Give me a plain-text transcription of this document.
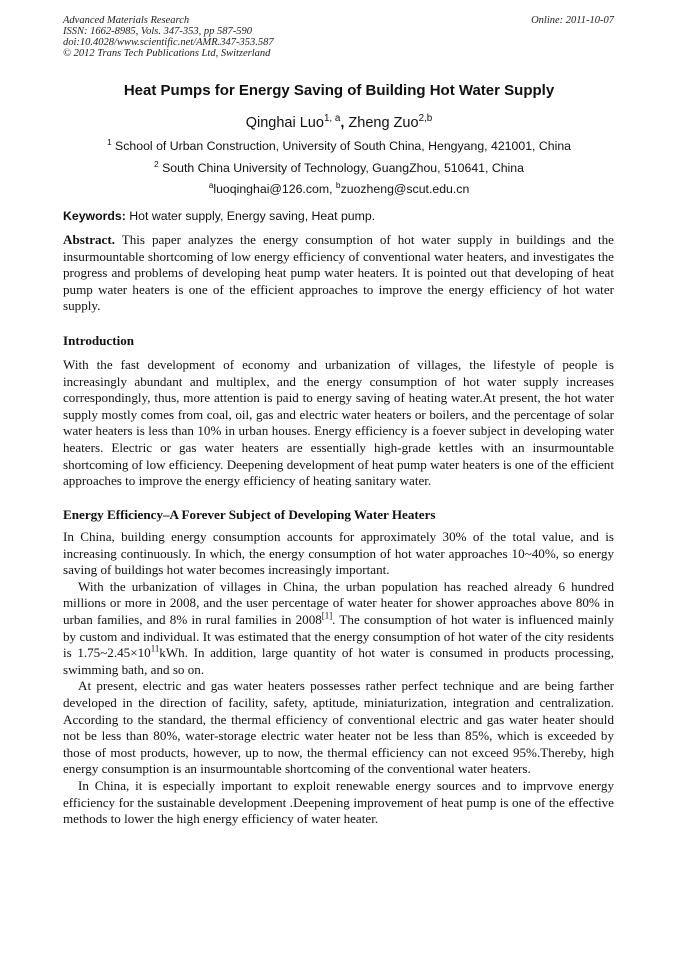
Advanced Materials Research
ISSN: 1662-8985, Vols. 347-353, pp 587-590
doi:10.4028/www.scientific.net/AMR.347-353.587
© 2012 Trans Tech Publications Ltd, Switzerland
Online: 2011-10-07
Heat Pumps for Energy Saving of Building Hot Water Supply
Qinghai Luo$^{1, a}$, Zheng Zuo$^{2,b}$
$^1$ School of Urban Construction, University of South China, Hengyang, 421001, China
$^2$ South China University of Technology, GuangZhou, 510641, China
$^a$luoqinghai@126.com, $^b$zuozheng@scut.edu.cn
Keywords: Hot water supply, Energy saving, Heat pump.

Abstract. This paper analyzes the energy consumption of hot water supply in buildings and the insurmountable shortcoming of low energy efficiency of conventional water heaters, and investigates the progress and problems of developing heat pump water heaters. It is pointed out that developing of heat pump water heaters is one of the efficient approaches to improve the energy efficiency of hot water supply.

Introduction

With the fast development of economy and urbanization of villages, the lifestyle of people is increasingly abundant and multiplex, and the energy consumption of hot water supply increases correspondingly, thus, more attention is paid to energy saving of heating water.At present, the hot water supply mostly comes from coal, oil, gas and electric water heaters or boilers, and the percentage of solar water heaters is less than 10% in urban houses. Energy efficiency is a foever subject in developing water heaters. Electric or gas water heaters are essentially high-grade kettles with an insurmountable shortcoming of low efficiency. Deepening development of heat pump water heaters is one of the efficient approaches to improve the energy efficiency of heating sanitary water.

Energy Efficiency–A Forever Subject of Developing Water Heaters

In China, building energy consumption accounts for approximately 30% of the total value, and is increasing continuously. In which, the energy consumption of hot water approaches 10~40%, so energy saving of buildings hot water becomes increasingly important.

With the urbanization of villages in China, the urban population has reached already 6 hundred millions or more in 2008, and the user percentage of water heater for shower approaches above 80% in urban families, and 8% in rural families in 2008[1]. The consumption of hot water is influenced mainly by custom and individual. It was estimated that the energy consumption of hot water of the city residents is $1.75\sim 2.45\times 10^{11}kWh$. In addition, large quantity of hot water is consumed in products processing, swimming bath, and so on.

At present, electric and gas water heaters possesses rather perfect technique and are being farther developed in the direction of facility, safety, aptitude, miniaturization, integration and centralization. According to the standard, the thermal efficiency of conventional electric and gas water heater should not be less than 80%, water-storage electric water heater not be less than 85%, which is exceeded by those of most products, however, up to now, the thermal efficiency can not exceed 95%.Thereby, high energy consumption is an insurmountable shortcoming of the conventional water heaters.

In China, it is especially important to exploit renewable energy sources and to imprvove energy efficiency for the sustainable development .Deepening improvement of heat pump is one of the effective methods to lower the high energy efficiency of water heater.
